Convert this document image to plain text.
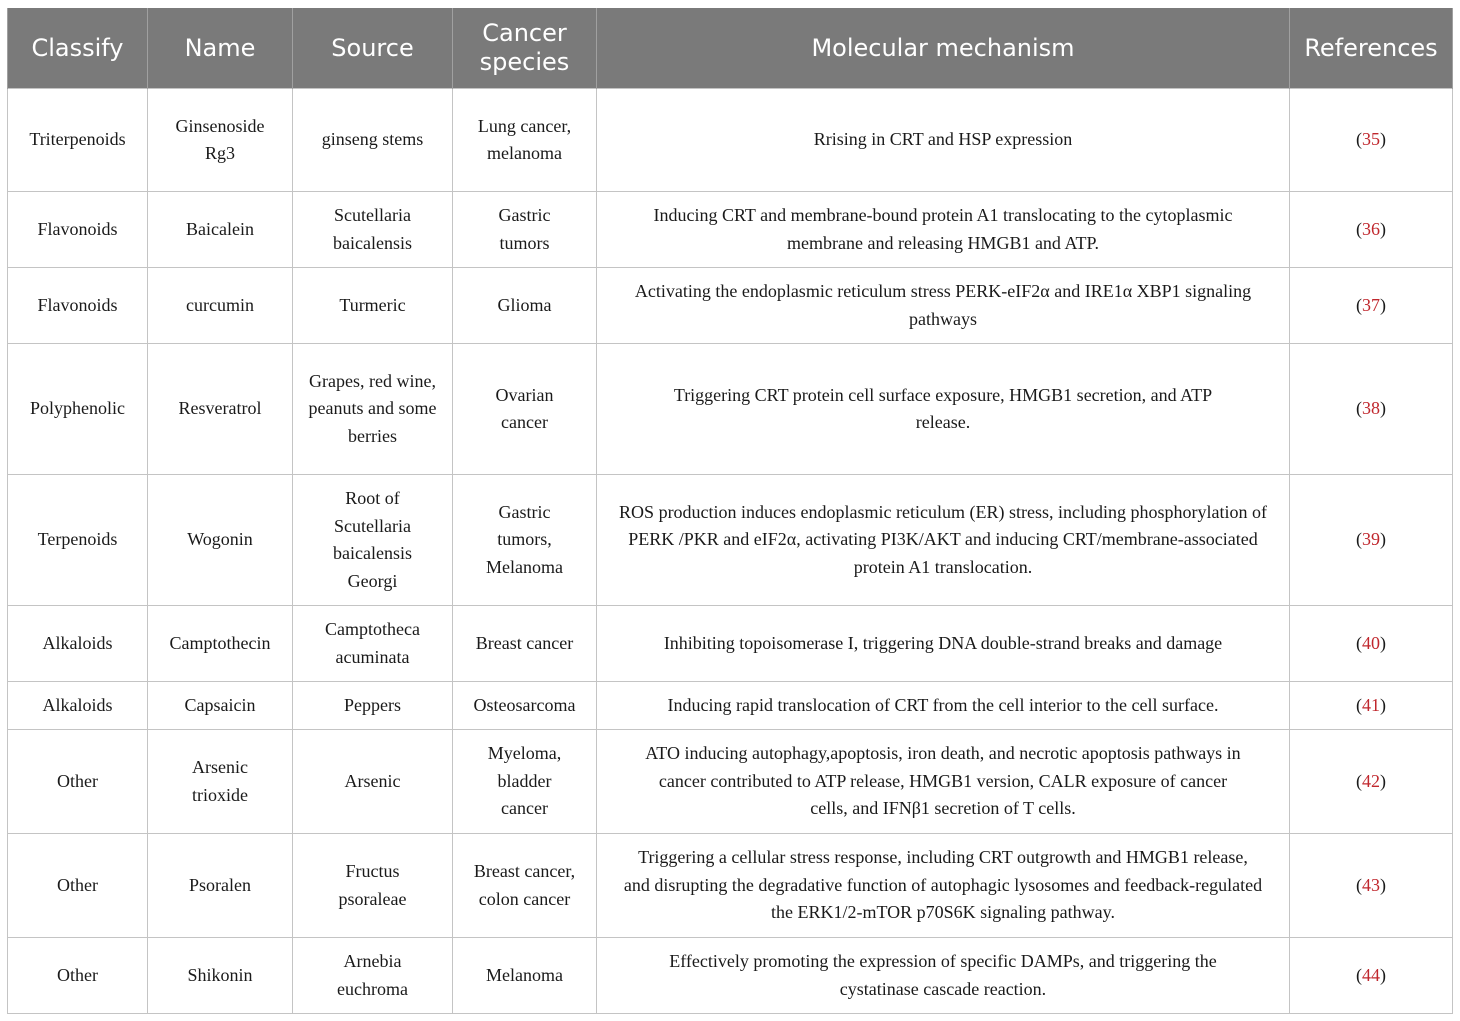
Classify	Name	Source	Cancer species	Molecular mechanism	References
Triterpenoids	Ginsenoside Rg3	ginseng stems	Lung cancer, melanoma	Rrising in CRT and HSP expression	(35)
Flavonoids	Baicalein	Scutellaria baicalensis	Gastric tumors	Inducing CRT and membrane-bound protein A1 translocating to the cytoplasmic membrane and releasing HMGB1 and ATP.	(36)
Flavonoids	curcumin	Turmeric	Glioma	Activating the endoplasmic reticulum stress PERK-eIF2α and IRE1α XBP1 signaling pathways	(37)
Polyphenolic	Resveratrol	Grapes, red wine, peanuts and some berries	Ovarian cancer	Triggering CRT protein cell surface exposure, HMGB1 secretion, and ATP release.	(38)
Terpenoids	Wogonin	Root of Scutellaria baicalensis Georgi	Gastric tumors, Melanoma	ROS production induces endoplasmic reticulum (ER) stress, including phosphorylation of PERK /PKR and eIF2α, activating PI3K/AKT and inducing CRT/membrane-associated protein A1 translocation.	(39)
Alkaloids	Camptothecin	Camptotheca acuminata	Breast cancer	Inhibiting topoisomerase I, triggering DNA double-strand breaks and damage	(40)
Alkaloids	Capsaicin	Peppers	Osteosarcoma	Inducing rapid translocation of CRT from the cell interior to the cell surface.	(41)
Other	Arsenic trioxide	Arsenic	Myeloma, bladder cancer	ATO inducing autophagy,apoptosis, iron death, and necrotic apoptosis pathways in cancer contributed to ATP release, HMGB1 version, CALR exposure of cancer cells, and IFNβ1 secretion of T cells.	(42)
Other	Psoralen	Fructus psoraleae	Breast cancer, colon cancer	Triggering a cellular stress response, including CRT outgrowth and HMGB1 release, and disrupting the degradative function of autophagic lysosomes and feedback-regulated the ERK1/2-mTOR p70S6K signaling pathway.	(43)
Other	Shikonin	Arnebia euchroma	Melanoma	Effectively promoting the expression of specific DAMPs, and triggering the cystatinase cascade reaction.	(44)
